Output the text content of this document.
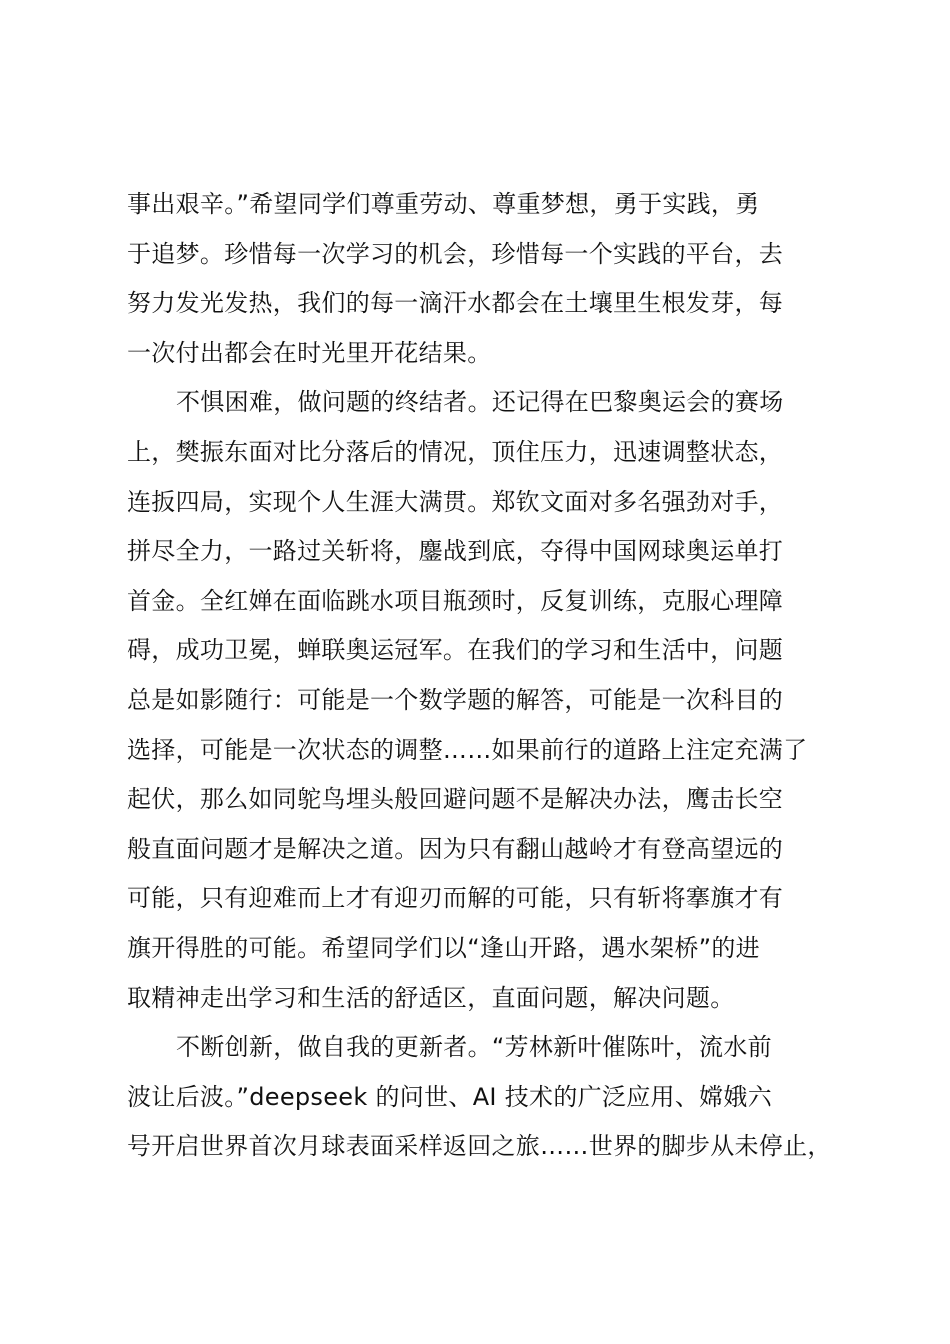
事出艰辛。”希望同学们尊重劳动、尊重梦想，勇于实践，勇
于追梦。珍惜每一次学习的机会，珍惜每一个实践的平台，去
努力发光发热，我们的每一滴汗水都会在土壤里生根发芽，每
一次付出都会在时光里开花结果。
不惧困难，做问题的终结者。还记得在巴黎奥运会的赛场
上，樊振东面对比分落后的情况，顶住压力，迅速调整状态，
连扳四局，实现个人生涯大满贯。郑钦文面对多名强劲对手，
拼尽全力，一路过关斩将，鏖战到底，夺得中国网球奥运单打
首金。全红婵在面临跳水项目瓶颈时，反复训练，克服心理障
碍，成功卫冕，蝉联奥运冠军。在我们的学习和生活中，问题
总是如影随行：可能是一个数学题的解答，可能是一次科目的
选择，可能是一次状态的调整……如果前行的道路上注定充满了
起伏，那么如同鸵鸟埋头般回避问题不是解决办法，鹰击长空
般直面问题才是解决之道。因为只有翻山越岭才有登高望远的
可能，只有迎难而上才有迎刃而解的可能，只有斩将搴旗才有
旗开得胜的可能。希望同学们以“逢山开路，遇水架桥”的进
取精神走出学习和生活的舒适区，直面问题，解决问题。
不断创新，做自我的更新者。“芳林新叶催陈叶，流水前
波让后波。”deepseek 的问世、AI 技术的广泛应用、嫦娥六
号开启世界首次月球表面采样返回之旅……世界的脚步从未停止，
